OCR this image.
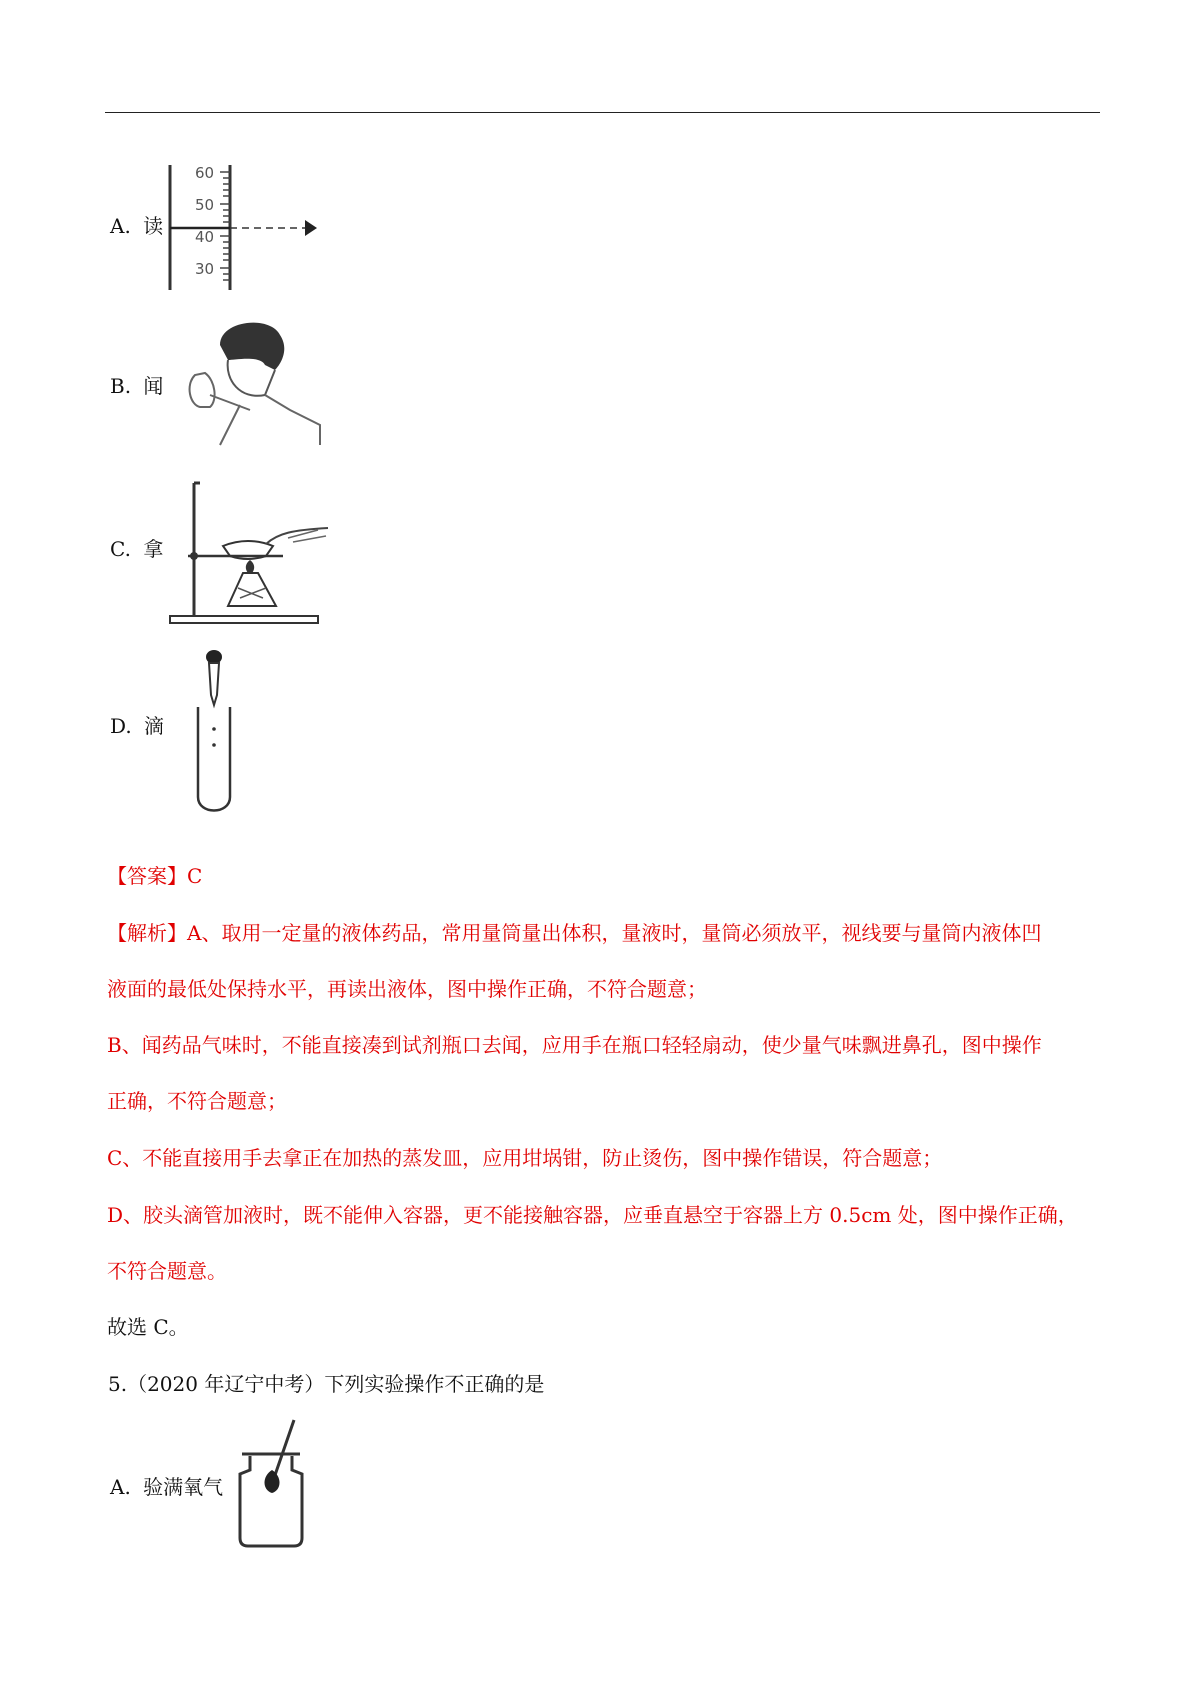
A. 读
60
50
40
30
B. 闻
C. 拿
D. 滴
【答案】C
【解析】A、取用一定量的液体药品，常用量筒量出体积，量液时，量筒必须放平，视线要与量筒内液体凹
液面的最低处保持水平，再读出液体，图中操作正确，不符合题意；
B、闻药品气味时，不能直接凑到试剂瓶口去闻，应用手在瓶口轻轻扇动，使少量气味飘进鼻孔，图中操作
正确，不符合题意；
C、不能直接用手去拿正在加热的蒸发皿，应用坩埚钳，防止烫伤，图中操作错误，符合题意；
D、胶头滴管加液时，既不能伸入容器，更不能接触容器，应垂直悬空于容器上方 0.5cm 处，图中操作正确，
不符合题意。
故选 C。
5.（2020 年辽宁中考）下列实验操作不正确的是
A. 验满氧气
